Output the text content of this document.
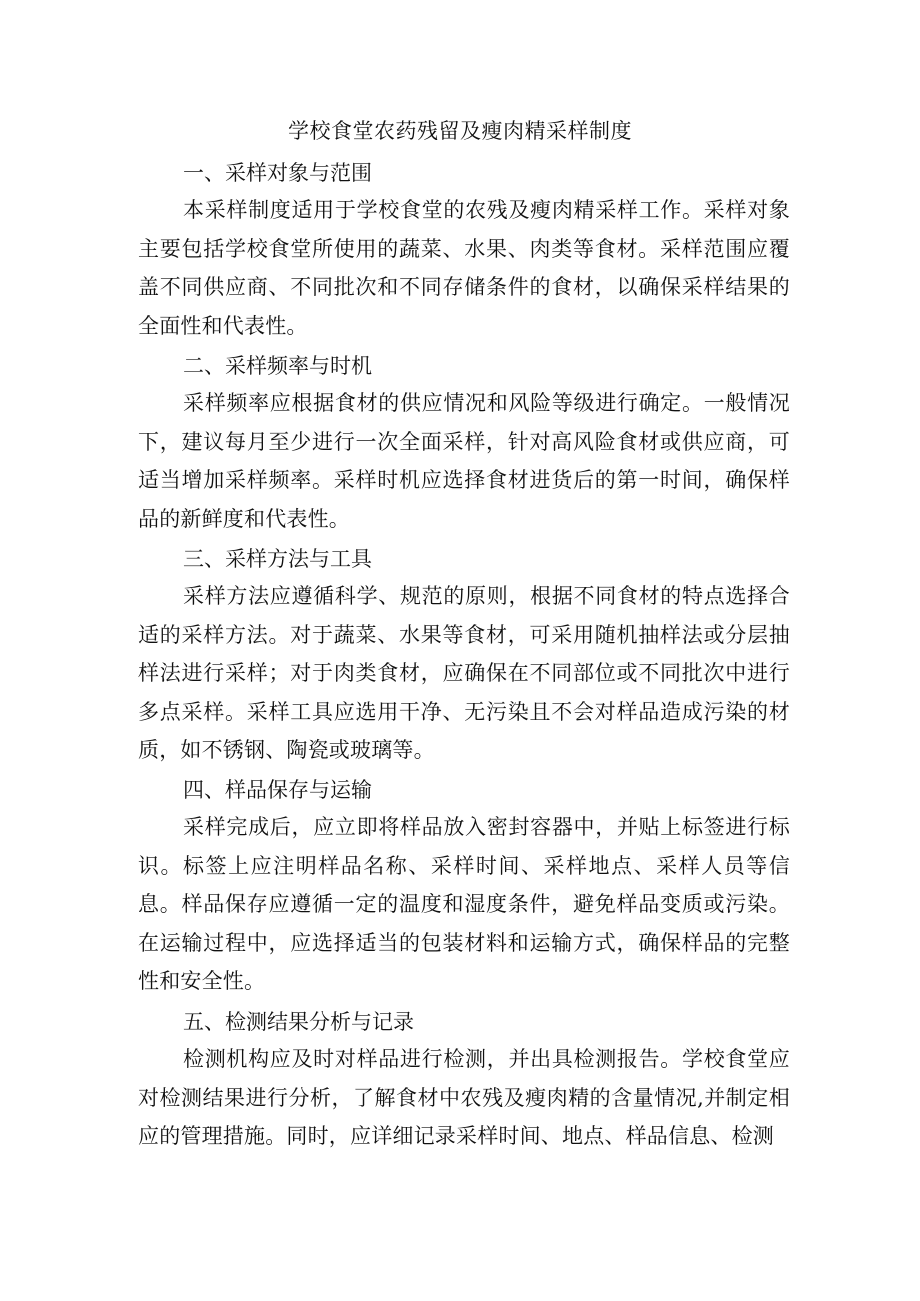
学校食堂农药残留及瘦肉精采样制度
一、采样对象与范围
本采样制度适用于学校食堂的农残及瘦肉精采样工作。采样对象主要包括学校食堂所使用的蔬菜、水果、肉类等食材。采样范围应覆盖不同供应商、不同批次和不同存储条件的食材，以确保采样结果的全面性和代表性。
二、采样频率与时机
采样频率应根据食材的供应情况和风险等级进行确定。一般情况下，建议每月至少进行一次全面采样，针对高风险食材或供应商，可适当增加采样频率。采样时机应选择食材进货后的第一时间，确保样品的新鲜度和代表性。
三、采样方法与工具
采样方法应遵循科学、规范的原则，根据不同食材的特点选择合适的采样方法。对于蔬菜、水果等食材，可采用随机抽样法或分层抽样法进行采样；对于肉类食材，应确保在不同部位或不同批次中进行多点采样。采样工具应选用干净、无污染且不会对样品造成污染的材质，如不锈钢、陶瓷或玻璃等。
四、样品保存与运输
采样完成后，应立即将样品放入密封容器中，并贴上标签进行标识。标签上应注明样品名称、采样时间、采样地点、采样人员等信息。样品保存应遵循一定的温度和湿度条件，避免样品变质或污染。在运输过程中，应选择适当的包装材料和运输方式，确保样品的完整性和安全性。
五、检测结果分析与记录
检测机构应及时对样品进行检测，并出具检测报告。学校食堂应对检测结果进行分析，了解食材中农残及瘦肉精的含量情况,并制定相应的管理措施。同时，应详细记录采样时间、地点、样品信息、检测
